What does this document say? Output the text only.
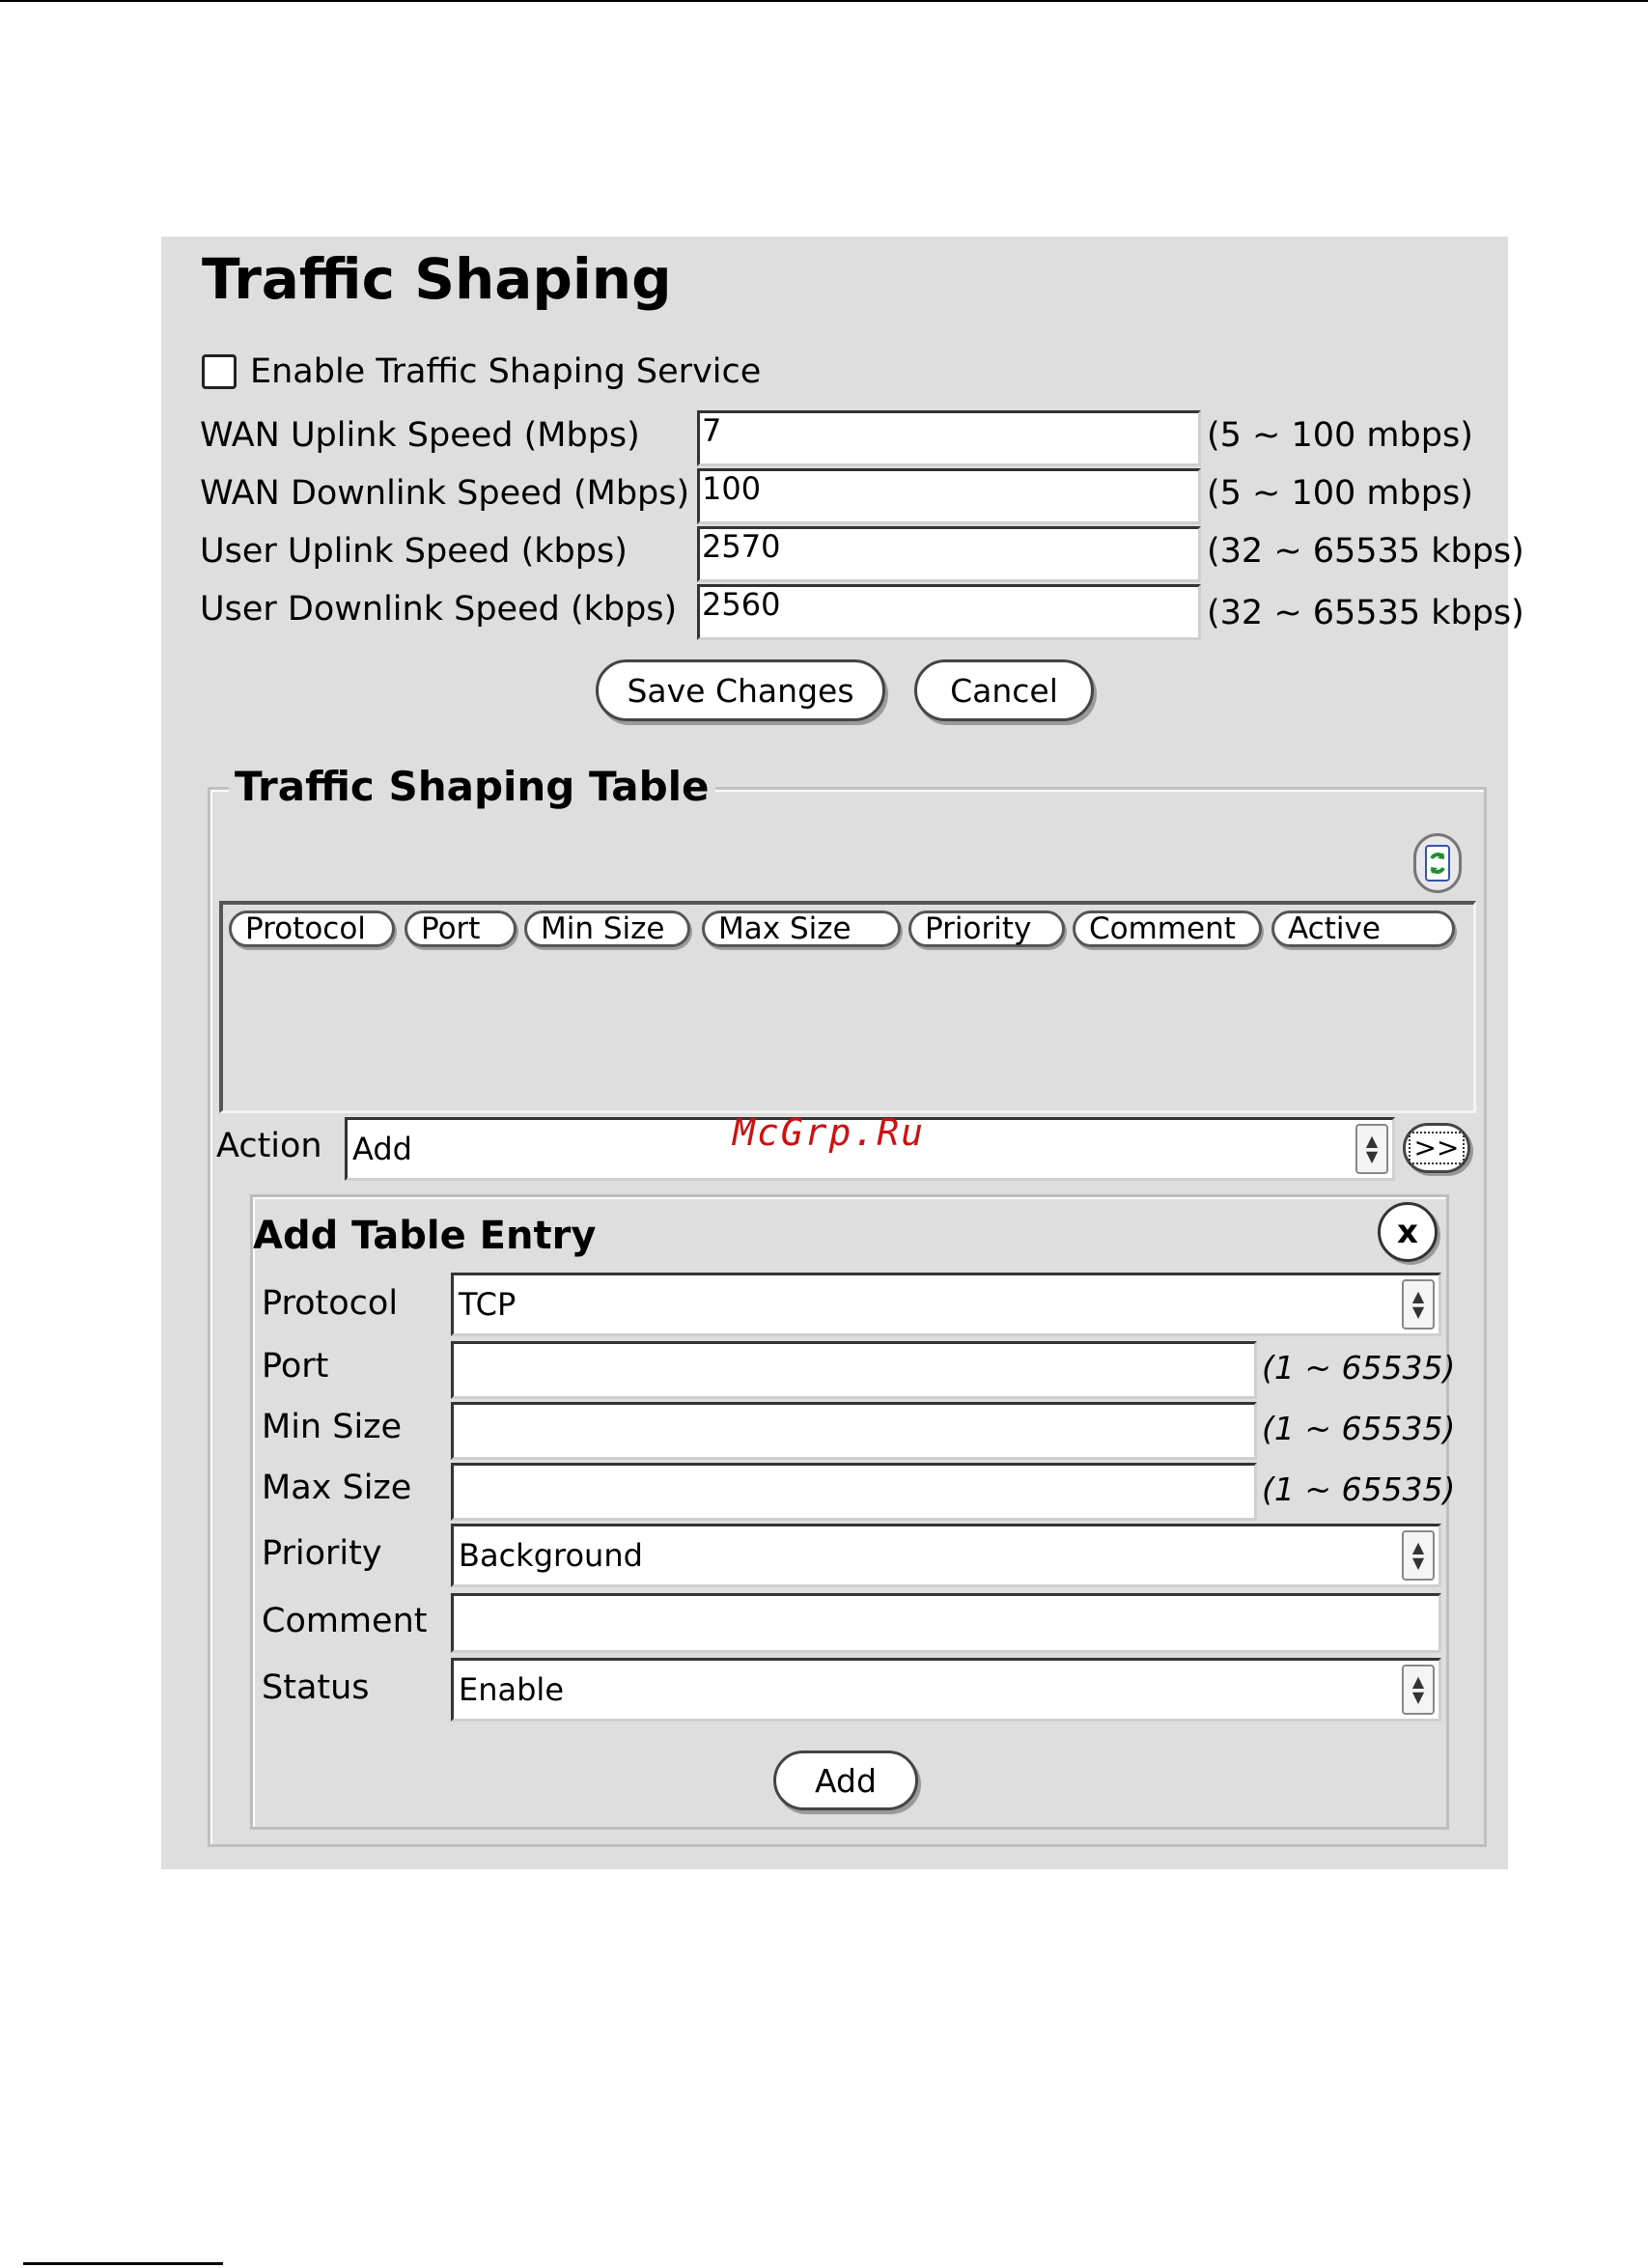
Traffic Shaping
Enable Traffic Shaping Service
WAN Uplink Speed (Mbps) 7	(5 ~ 100 mbps)
WAN Downlink Speed (Mbps) 100	(5 ~ 100 mbps)
User Uplink Speed (kbps) 2570	(32 ~ 65535 kbps)
User Downlink Speed (kbps) 2560	(32 ~ 65535 kbps)
Save Changes	Cancel
Traffic Shaping Table
Protocol	Port	Min Size	Max Size	Priority	Comment	Active
Action Add	▲
▼	>>
McGrp.Ru
Add Table Entry	x
Protocol TCP	▲
▼
Port	(1 ~ 65535)
Min Size	(1 ~ 65535)
Max Size	(1 ~ 65535)
Priority Background	▲
▼
Comment
Status	Enable	▲
▼
Add
